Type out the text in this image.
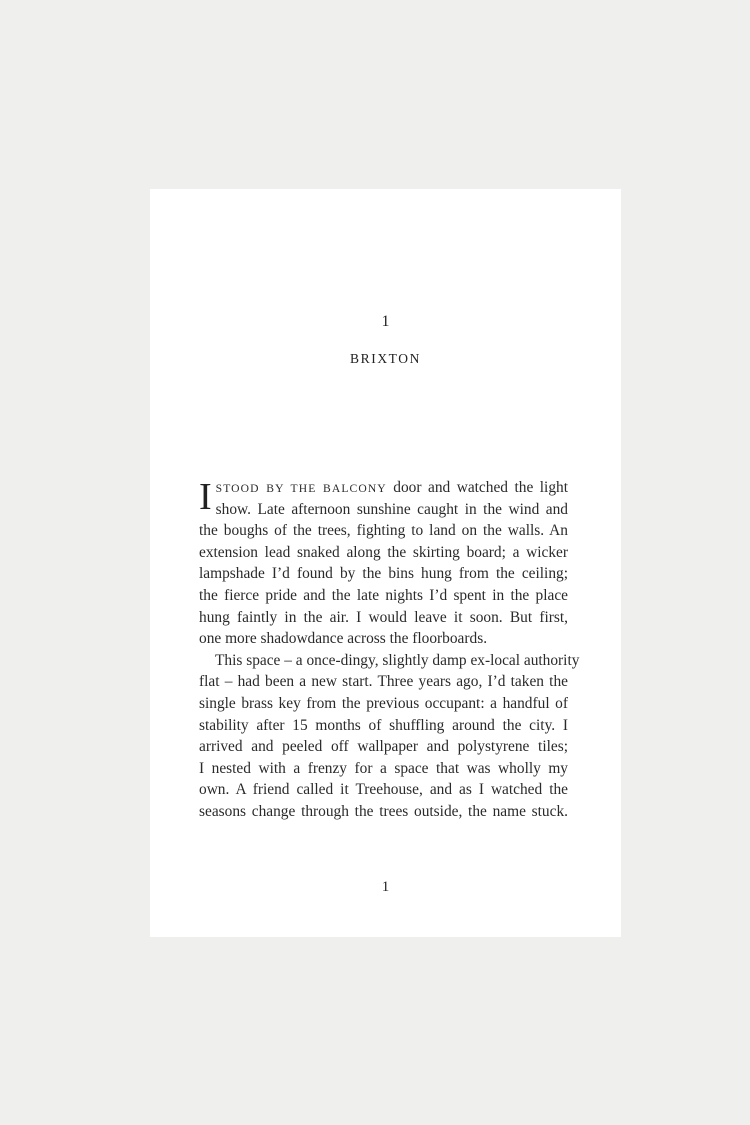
1
BRIXTON
I STOOD BY THE BALCONY door and watched the light
show. Late afternoon sunshine caught in the wind and
the boughs of the trees, fighting to land on the walls. An
extension lead snaked along the skirting board; a wicker
lampshade I’d found by the bins hung from the ceiling;
the fierce pride and the late nights I’d spent in the place
hung faintly in the air. I would leave it soon. But first,
one more shadowdance across the floorboards.
This space – a once-dingy, slightly damp ex-local authority
flat – had been a new start. Three years ago, I’d taken the
single brass key from the previous occupant: a handful of
stability after 15 months of shuffling around the city. I
arrived and peeled off wallpaper and polystyrene tiles;
I nested with a frenzy for a space that was wholly my
own. A friend called it Treehouse, and as I watched the
seasons change through the trees outside, the name stuck.
1
